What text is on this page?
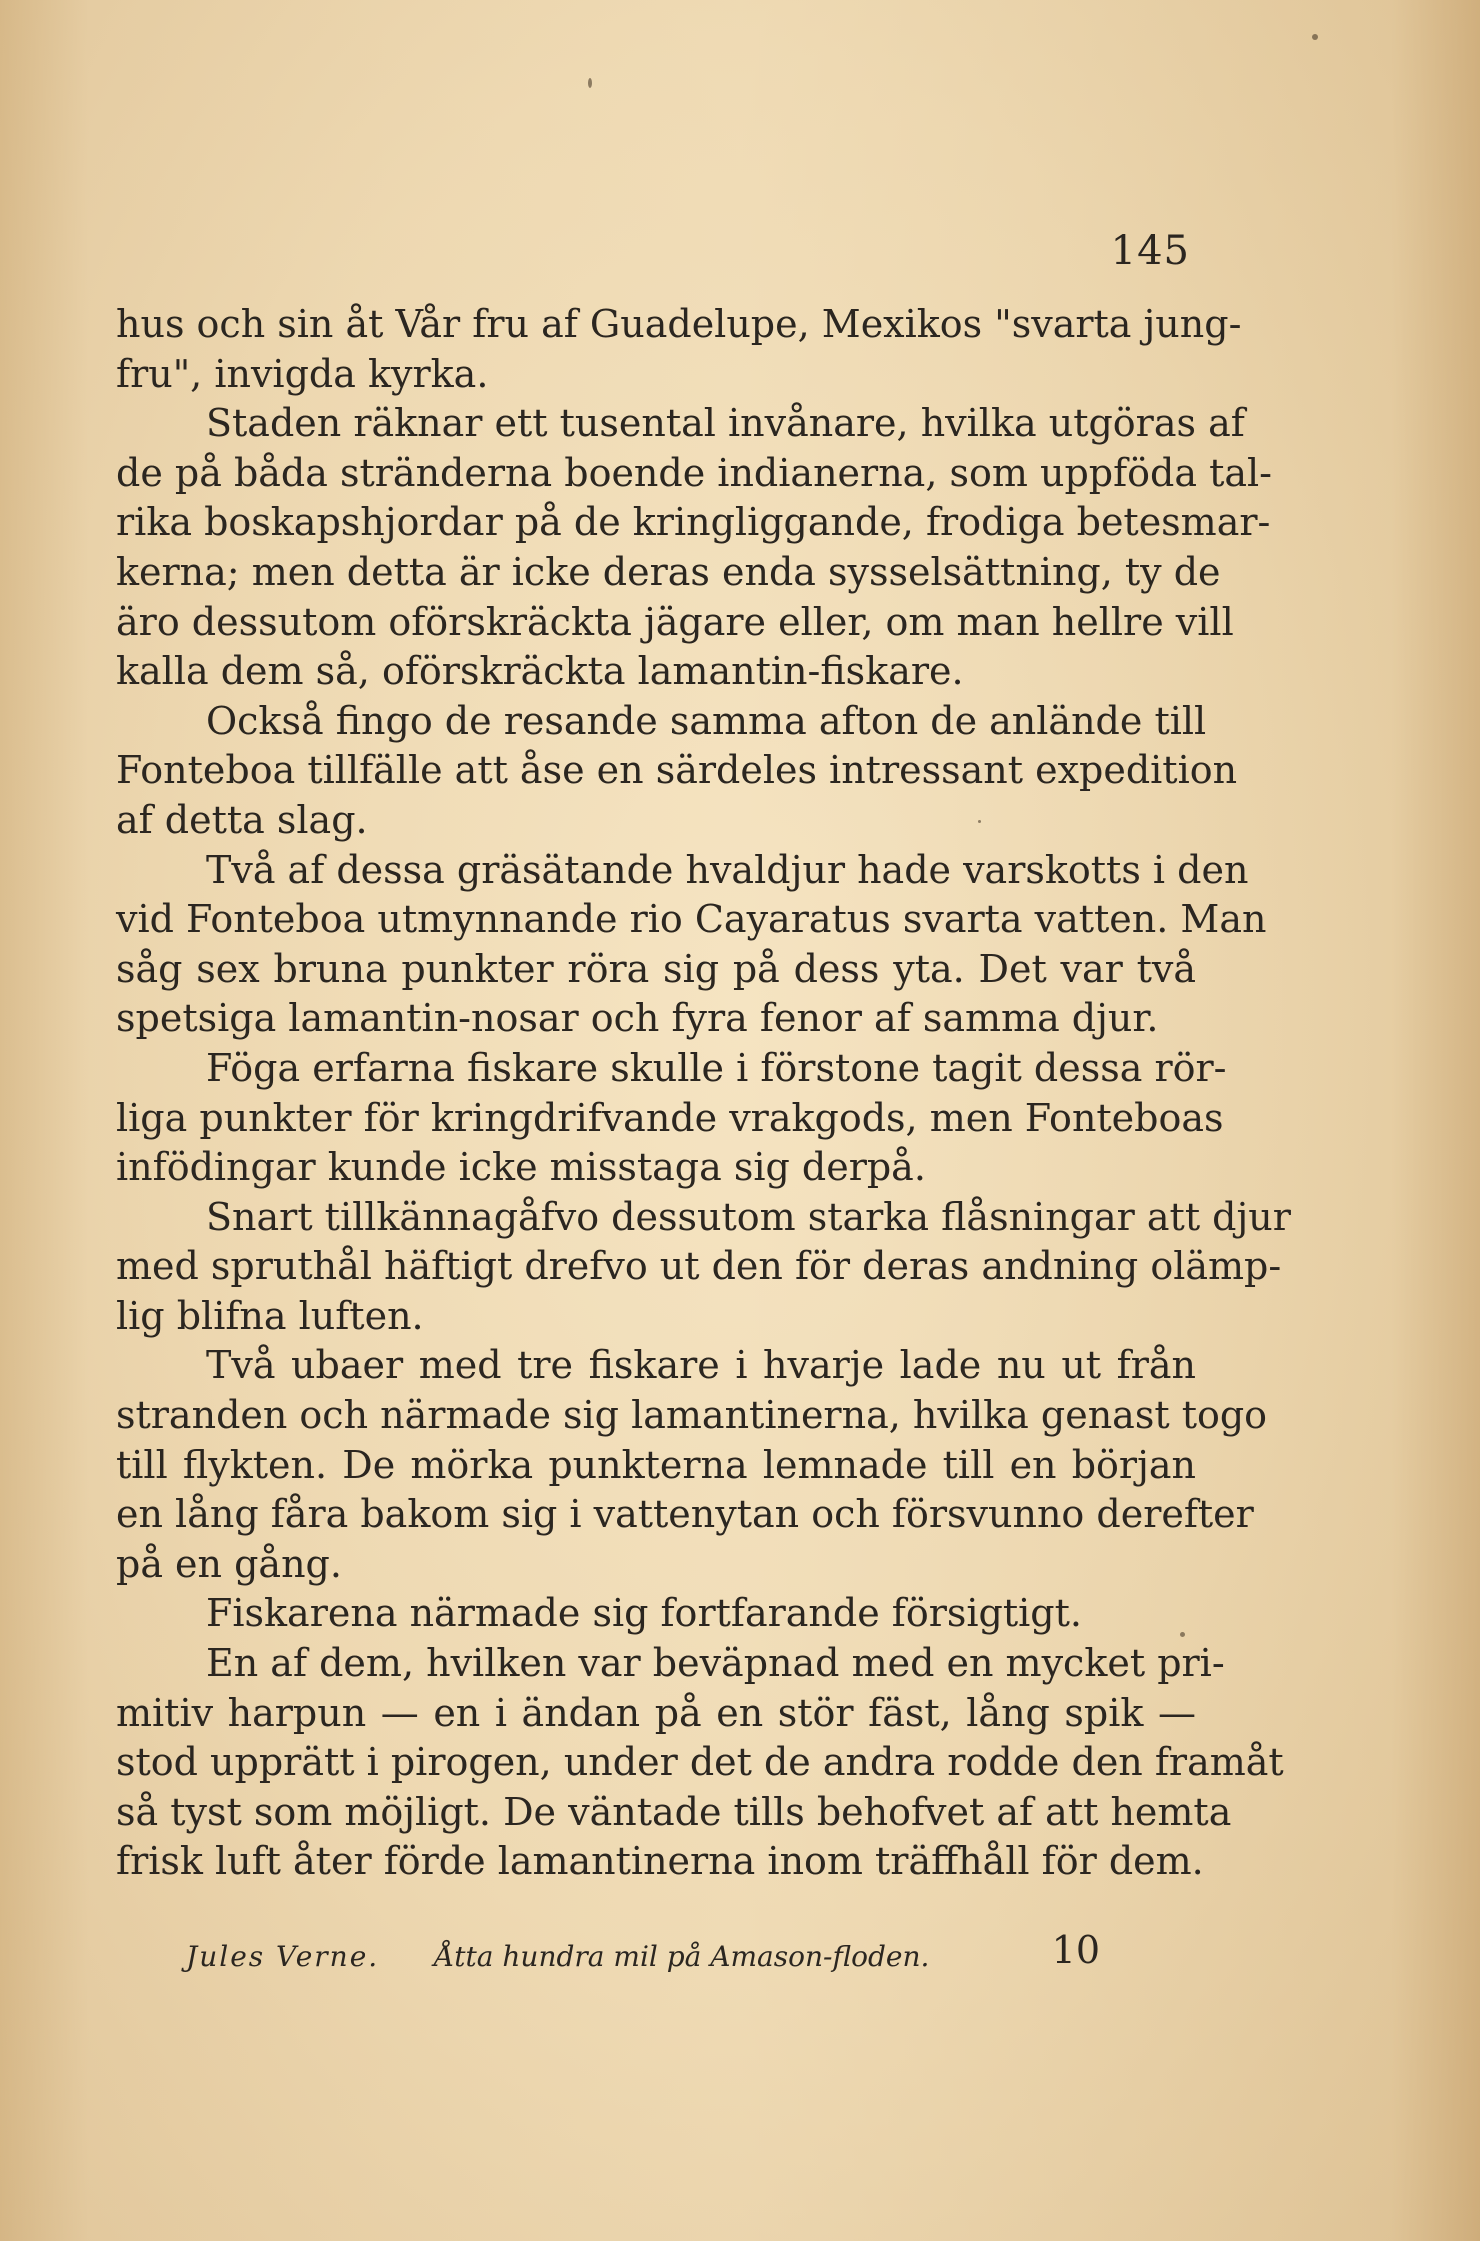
145
hus och sin åt Vår fru af Guadelupe, Mexikos "svarta jung-
fru", invigda kyrka.
Staden räknar ett tusental invånare, hvilka utgöras af
de på båda stränderna boende indianerna, som uppföda tal-
rika boskapshjordar på de kringliggande, frodiga betesmar-
kerna; men detta är icke deras enda sysselsättning, ty de
äro dessutom oförskräckta jägare eller, om man hellre vill
kalla dem så, oförskräckta lamantin-fiskare.
Också fingo de resande samma afton de anlände till
Fonteboa tillfälle att åse en särdeles intressant expedition
af detta slag.
Två af dessa gräsätande hvaldjur hade varskotts i den
vid Fonteboa utmynnande rio Cayaratus svarta vatten. Man
såg sex bruna punkter röra sig på dess yta. Det var två
spetsiga lamantin-nosar och fyra fenor af samma djur.
Föga erfarna fiskare skulle i förstone tagit dessa rör-
liga punkter för kringdrifvande vrakgods, men Fonteboas
infödingar kunde icke misstaga sig derpå.
Snart tillkännagåfvo dessutom starka flåsningar att djur
med spruthål häftigt drefvo ut den för deras andning olämp-
lig blifna luften.
Två ubaer med tre fiskare i hvarje lade nu ut från
stranden och närmade sig lamantinerna, hvilka genast togo
till flykten. De mörka punkterna lemnade till en början
en lång fåra bakom sig i vattenytan och försvunno derefter
på en gång.
Fiskarena närmade sig fortfarande försigtigt.
En af dem, hvilken var beväpnad med en mycket pri-
mitiv harpun — en i ändan på en stör fäst, lång spik —
stod upprätt i pirogen, under det de andra rodde den framåt
så tyst som möjligt. De väntade tills behofvet af att hemta
frisk luft åter förde lamantinerna inom träffhåll för dem.
Jules Verne. Åtta hundra mil på Amason-floden.	10
